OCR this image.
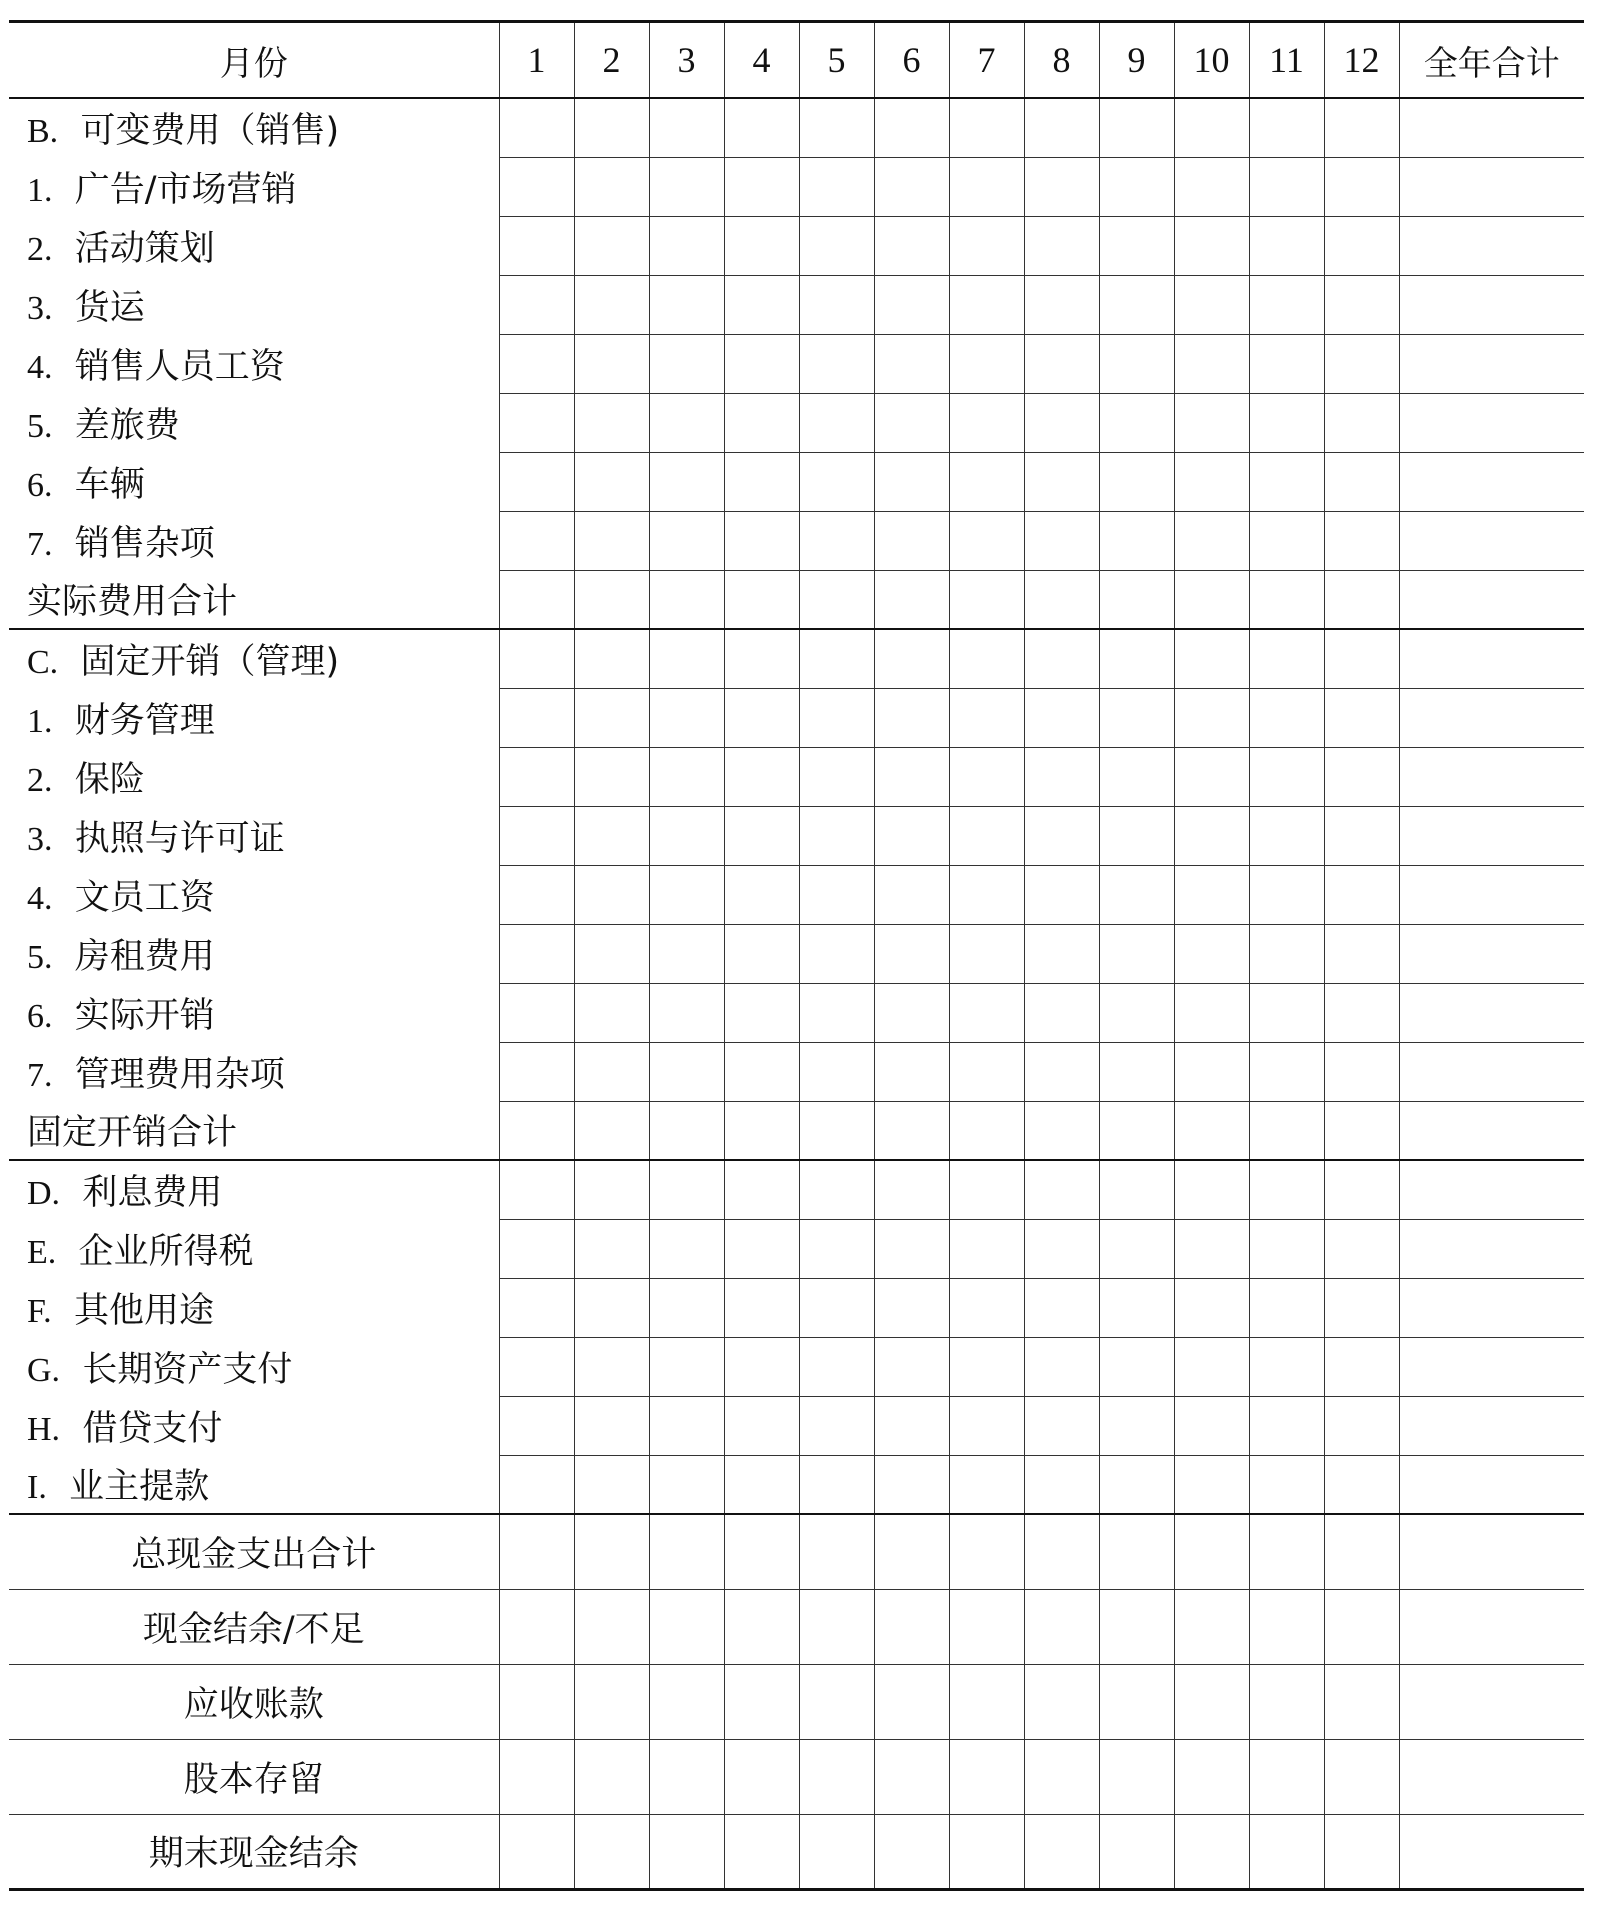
月份	1	2	3	4	5	6	7	8	9	10	11	12	全年合计
B. 可变费用（销售)													
1. 广告/市场营销													
2. 活动策划													
3. 货运													
4. 销售人员工资													
5. 差旅费													
6. 车辆													
7. 销售杂项													
实际费用合计													
C. 固定开销（管理)													
1. 财务管理													
2. 保险													
3. 执照与许可证													
4. 文员工资													
5. 房租费用													
6. 实际开销													
7. 管理费用杂项													
固定开销合计													
D. 利息费用													
E. 企业所得税													
F. 其他用途													
G. 长期资产支付													
H. 借贷支付													
I. 业主提款													
总现金支出合计													
现金结余/不足													
应收账款													
股本存留													
期末现金结余													
